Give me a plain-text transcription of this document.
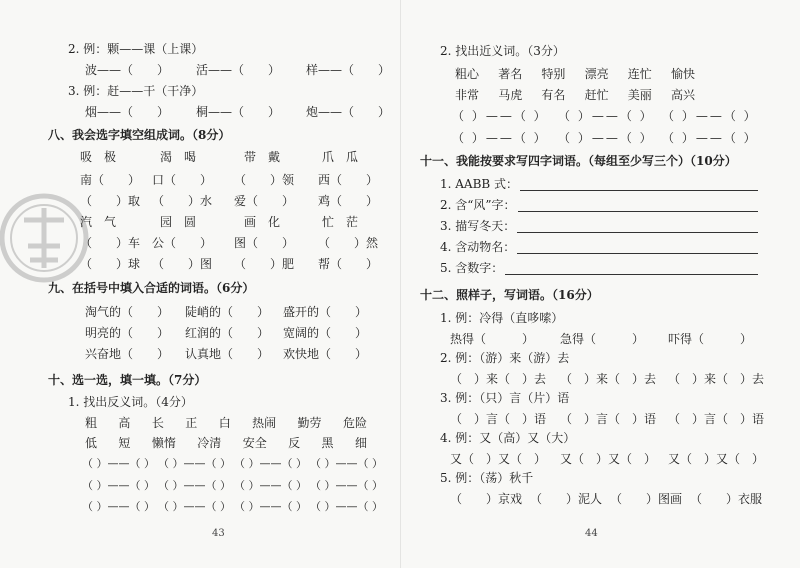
2. 例：颗——课（上课）
波——（　　） 活——（　　） 样——（　　）
3. 例：赶——干（干净）
烟——（　　） 桐——（　　） 炮——（　　）
八、我会选字填空组成词。（8分）
吸　极	渴　喝	带　戴	爪　瓜
南（　　） 口（　　） （　　）领 西（　　）
（　　）取 （　　）水 爱（　　） 鸡（　　）
汽　气	园　圆	画　化	忙　茫
（　　）车 公（　　） 图（　　） （　　）然
（　　）球 （　　）图 （　　）肥 帮（　　）
九、在括号中填入合适的词语。（6分）
淘气的（　　） 陡峭的（　　） 盛开的（　　）
明亮的（　　） 红润的（　　） 宽阔的（　　）
兴奋地（　　） 认真地（　　） 欢快地（　　）
十、选一选，填一填。（7分）
1. 找出反义词。（4分）
粗 高 长 正 白 热闹 勤劳 危险
低 短 懒惰 冷清 安全 反 黑 细
（ ）——（ ） （ ）——（ ） （ ）——（ ） （ ）——（ ）
（ ）——（ ） （ ）——（ ） （ ）——（ ） （ ）——（ ）
（ ）——（ ） （ ）——（ ） （ ）——（ ） （ ）——（ ）
43
2. 找出近义词。（3分）
粗心 著名 特别 漂亮 连忙 愉快
非常 马虎 有名 赶忙 美丽 高兴
（ ）——（ ） （ ）——（ ） （ ）——（ ）
（ ）——（ ） （ ）——（ ） （ ）——（ ）
十一、我能按要求写四字词语。（每组至少写三个）（10分）
1. AABB 式：
2. 含“风”字：
3. 描写冬天：
4. 含动物名：
5. 含数字：
十二、照样子，写词语。（16分）
1. 例：冷得（直哆嗦）
热得（　　　） 急得（　　　） 吓得（　　　）
2. 例：（游）来（游）去
（　）来（　）去 （　）来（　）去 （　）来（　）去
3. 例：（只）言（片）语
（　）言（　）语 （　）言（　）语 （　）言（　）语
4. 例：又（高）又（大）
又（　）又（　） 又（　）又（　） 又（　）又（　）
5. 例：（荡）秋千
（　　）京戏 （　　）泥人 （　　）图画 （　　）衣服
44
